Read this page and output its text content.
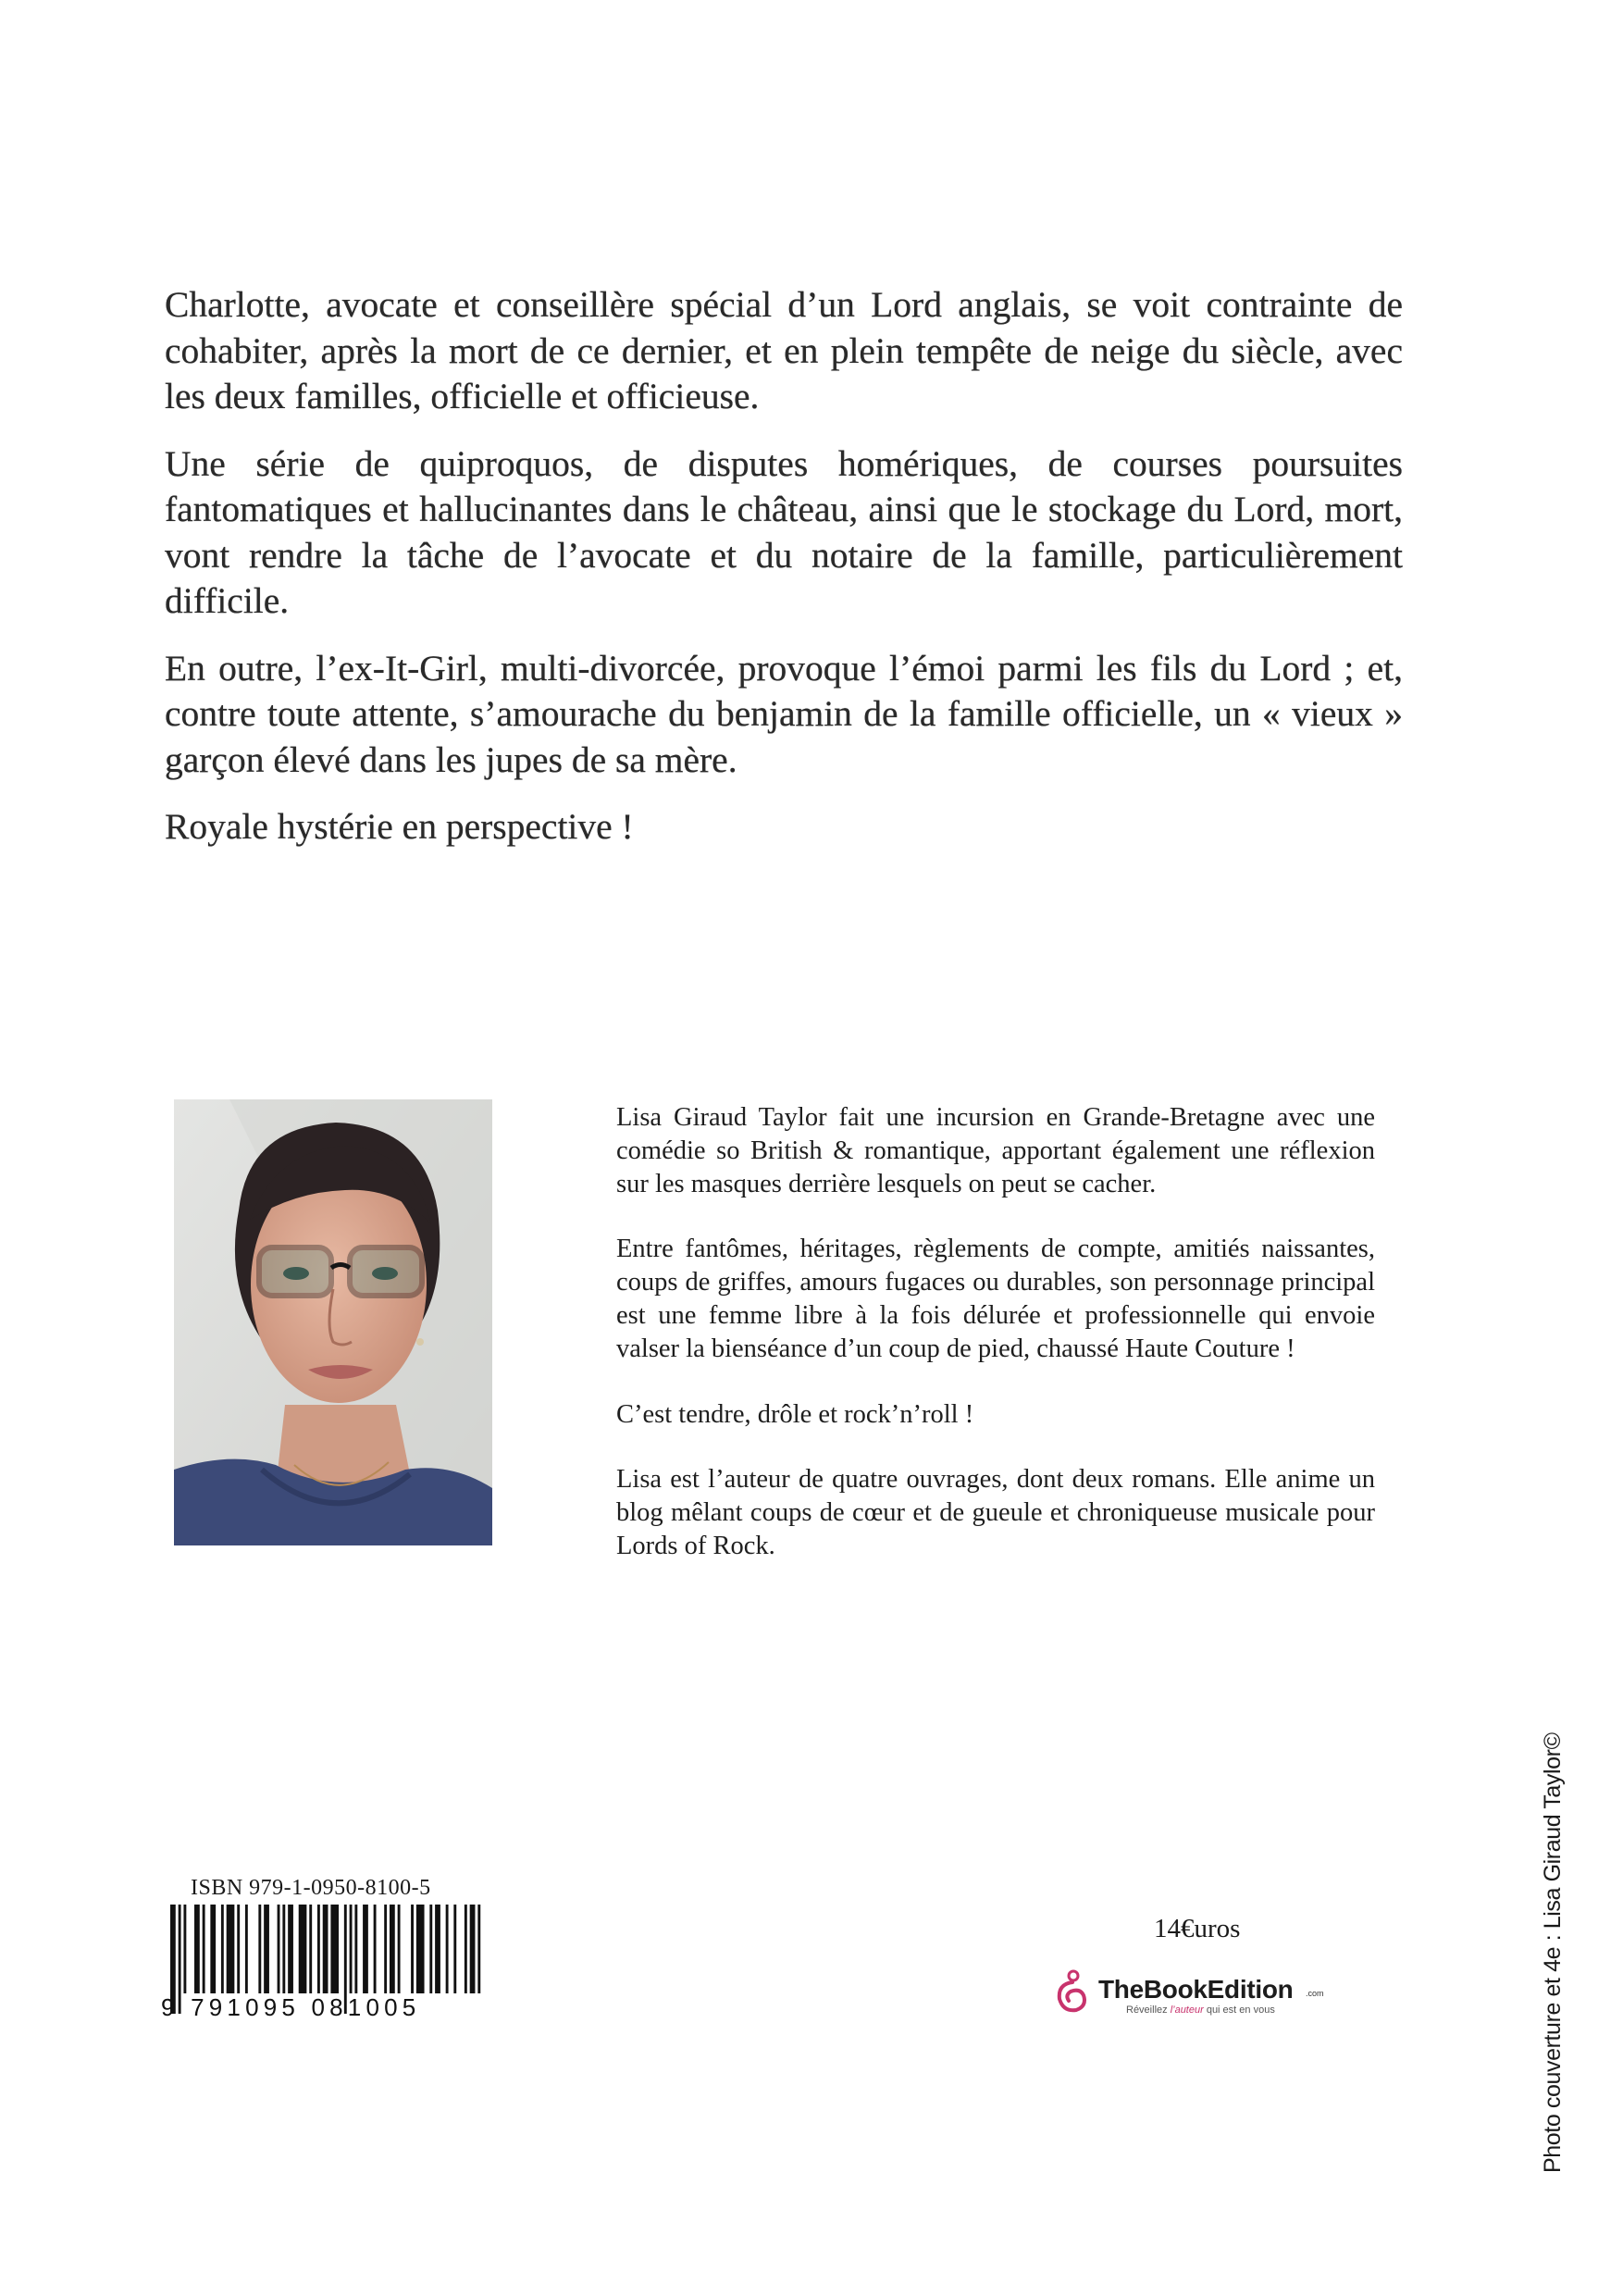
Charlotte, avocate et conseillère spécial d’un Lord anglais, se voit contrainte de cohabiter, après la mort de ce dernier, et en plein tempête de neige du siècle, avec les deux familles, officielle et officieuse.

Une série de quiproquos, de disputes homériques, de courses poursuites fantomatiques et hallucinantes dans le château, ainsi que le stockage du Lord, mort, vont rendre la tâche de l’avocate et du notaire de la famille, particulièrement difficile.

En outre, l’ex-It-Girl, multi-divorcée, provoque l’émoi parmi les fils du Lord ; et, contre toute attente, s’amourache du benjamin de la famille officielle, un « vieux » garçon élevé dans les jupes de sa mère.

Royale hystérie en perspective !

Lisa Giraud Taylor fait une incursion en Grande-Bretagne avec une comédie so British & romantique, apportant également une réflexion sur les masques derrière lesquels on peut se cacher.

Entre fantômes, héritages, règlements de compte, amitiés naissantes, coups de griffes, amours fugaces ou durables, son personnage principal est une femme libre à la fois délurée et professionnelle qui envoie valser la bienséance d’un coup de pied, chaussé Haute Couture !

C’est tendre, drôle et rock’n’roll !

Lisa est l’auteur de quatre ouvrages, dont deux romans. Elle anime un blog mêlant coups de cœur et de gueule et chroniqueuse musicale pour Lords of Rock.

ISBN 979-1-0950-8100-5
9 791095 081005
14€uros
TheBookEdition .com
Réveillez l’auteur qui est en vous	Photo couverture et 4e : Lisa Giraud Taylor©
